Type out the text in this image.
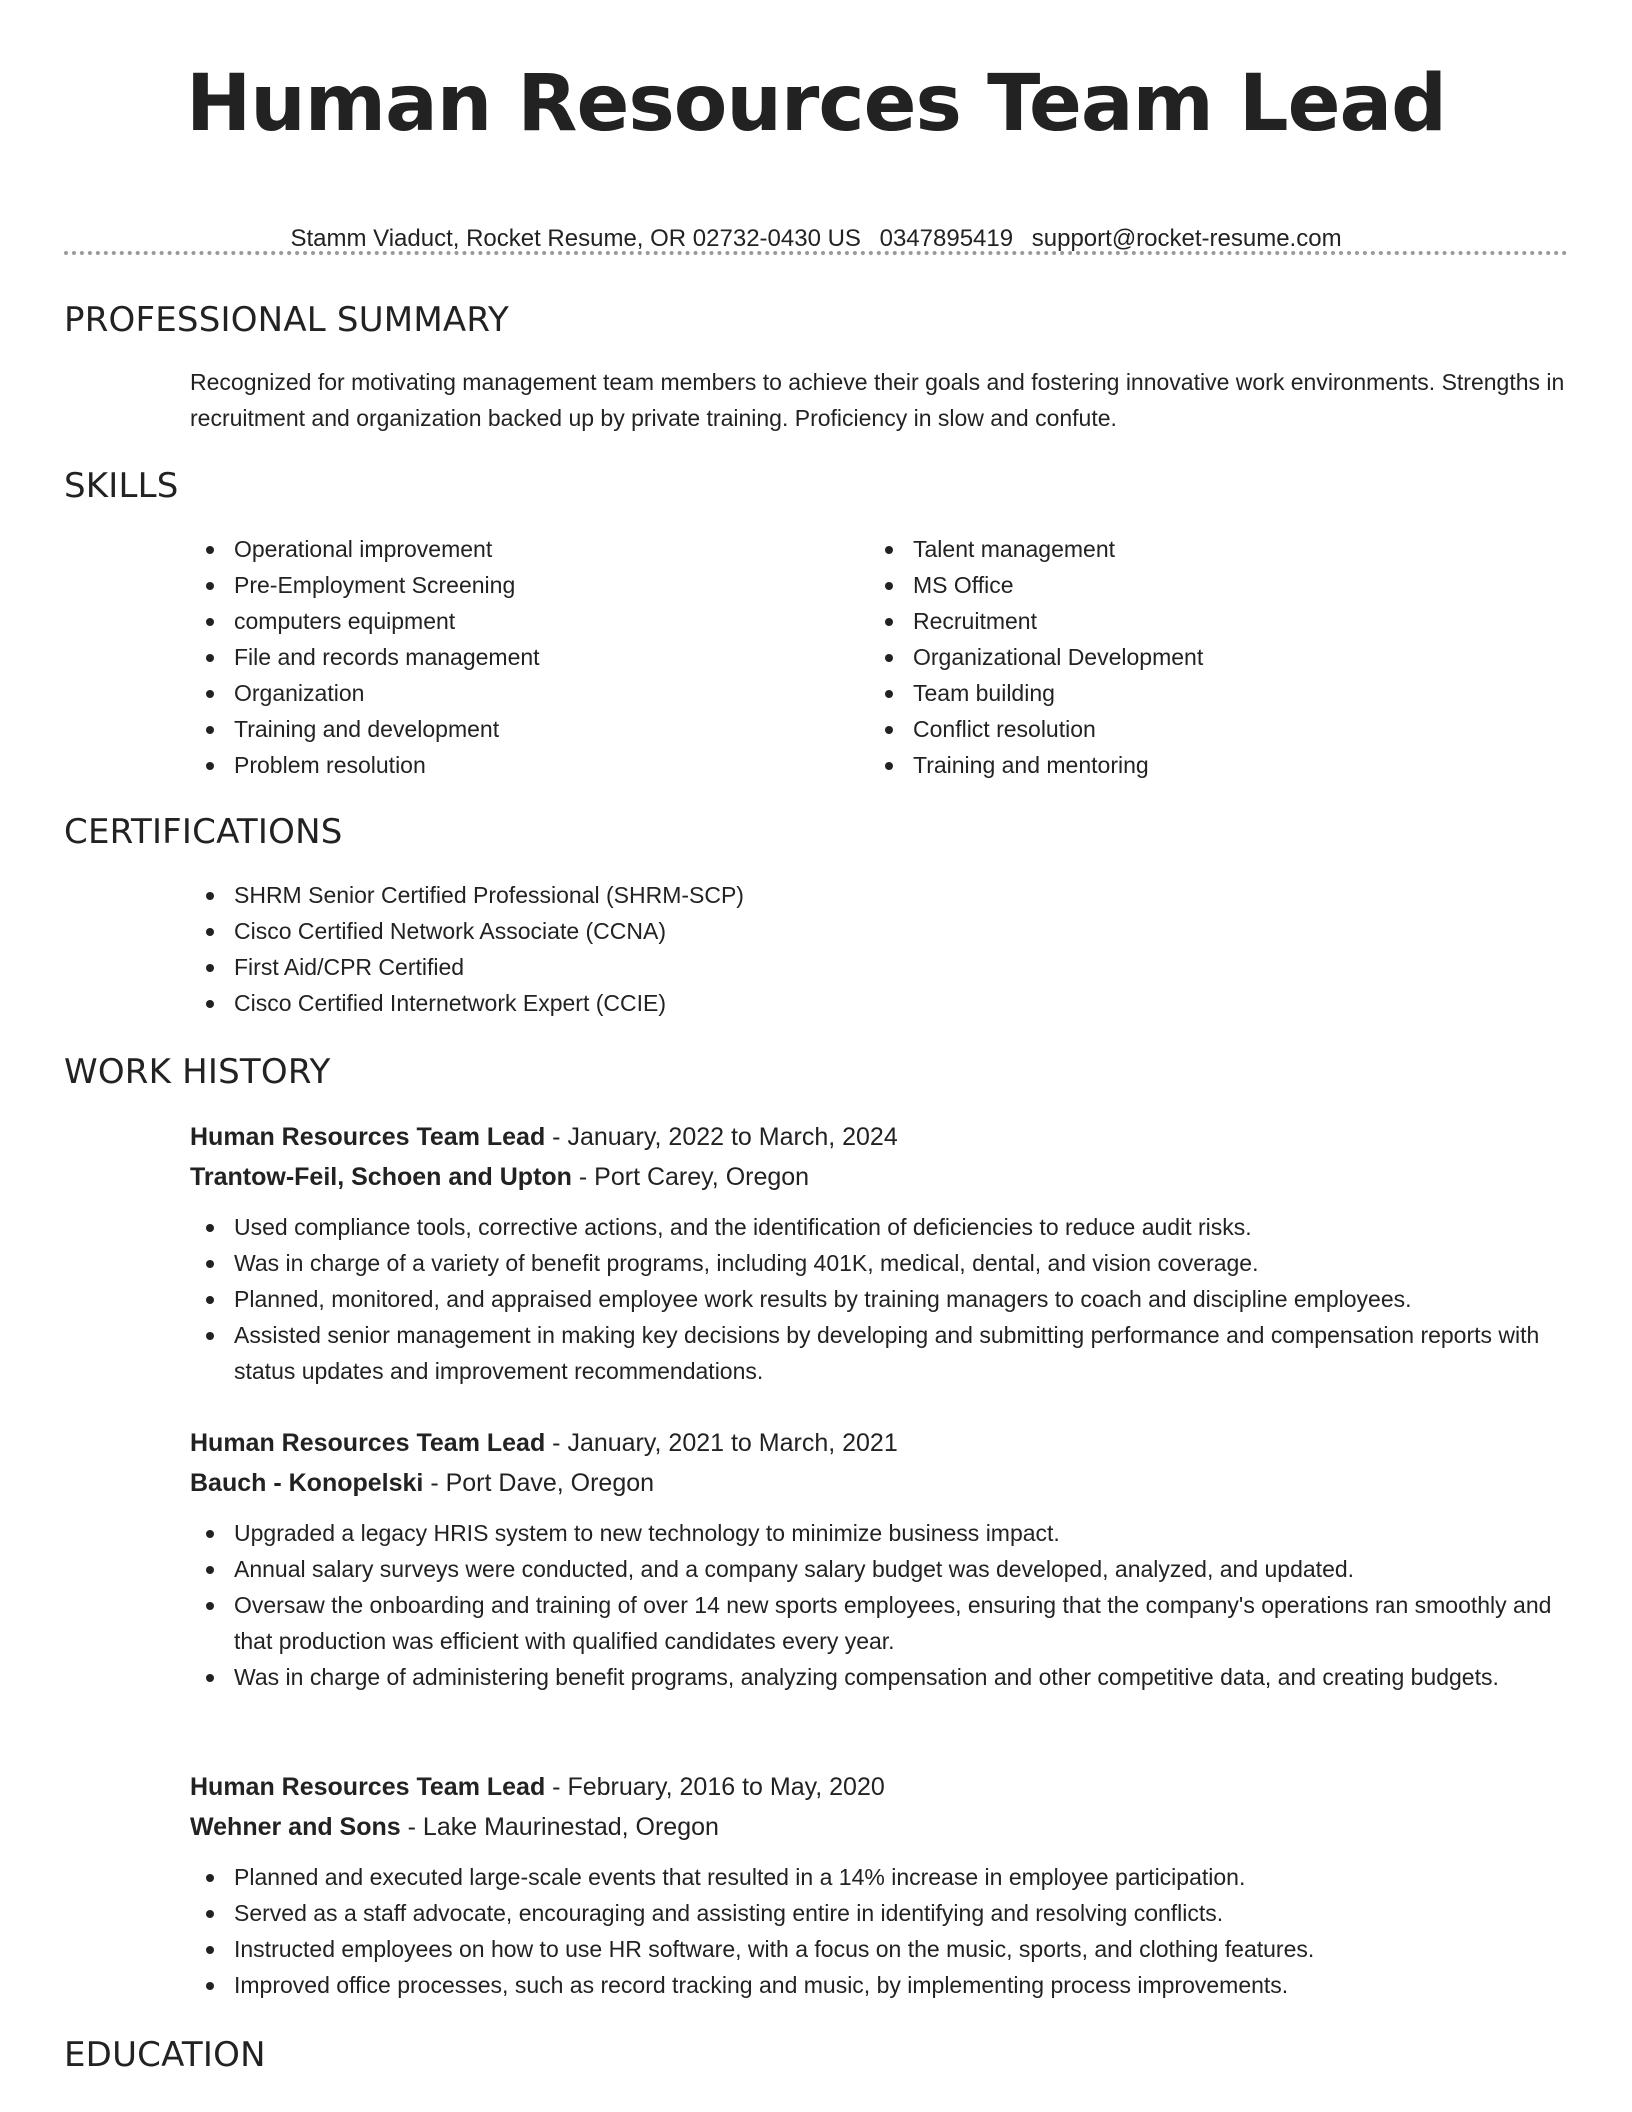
Human Resources Team Lead
Stamm Viaduct, Rocket Resume, OR 02732-0430 US 0347895419 support@rocket-resume.com
PROFESSIONAL SUMMARY
Recognized for motivating management team members to achieve their goals and fostering innovative work environments. Strengths in recruitment and organization backed up by private training. Proficiency in slow and confute.
SKILLS
Operational improvement
Pre-Employment Screening
computers equipment
File and records management
Organization
Training and development
Problem resolution
Talent management
MS Office
Recruitment
Organizational Development
Team building
Conflict resolution
Training and mentoring
CERTIFICATIONS
SHRM Senior Certified Professional (SHRM-SCP)
Cisco Certified Network Associate (CCNA)
First Aid/CPR Certified
Cisco Certified Internetwork Expert (CCIE)
WORK HISTORY
Human Resources Team Lead - January, 2022 to March, 2024
Trantow-Feil, Schoen and Upton - Port Carey, Oregon
Used compliance tools, corrective actions, and the identification of deficiencies to reduce audit risks.
Was in charge of a variety of benefit programs, including 401K, medical, dental, and vision coverage.
Planned, monitored, and appraised employee work results by training managers to coach and discipline employees.
Assisted senior management in making key decisions by developing and submitting performance and compensation reports with status updates and improvement recommendations.
Human Resources Team Lead - January, 2021 to March, 2021
Bauch - Konopelski - Port Dave, Oregon
Upgraded a legacy HRIS system to new technology to minimize business impact.
Annual salary surveys were conducted, and a company salary budget was developed, analyzed, and updated.
Oversaw the onboarding and training of over 14 new sports employees, ensuring that the company's operations ran smoothly and that production was efficient with qualified candidates every year.
Was in charge of administering benefit programs, analyzing compensation and other competitive data, and creating budgets.
Human Resources Team Lead - February, 2016 to May, 2020
Wehner and Sons - Lake Maurinestad, Oregon
Planned and executed large-scale events that resulted in a 14% increase in employee participation.
Served as a staff advocate, encouraging and assisting entire in identifying and resolving conflicts.
Instructed employees on how to use HR software, with a focus on the music, sports, and clothing features.
Improved office processes, such as record tracking and music, by implementing process improvements.
EDUCATION
